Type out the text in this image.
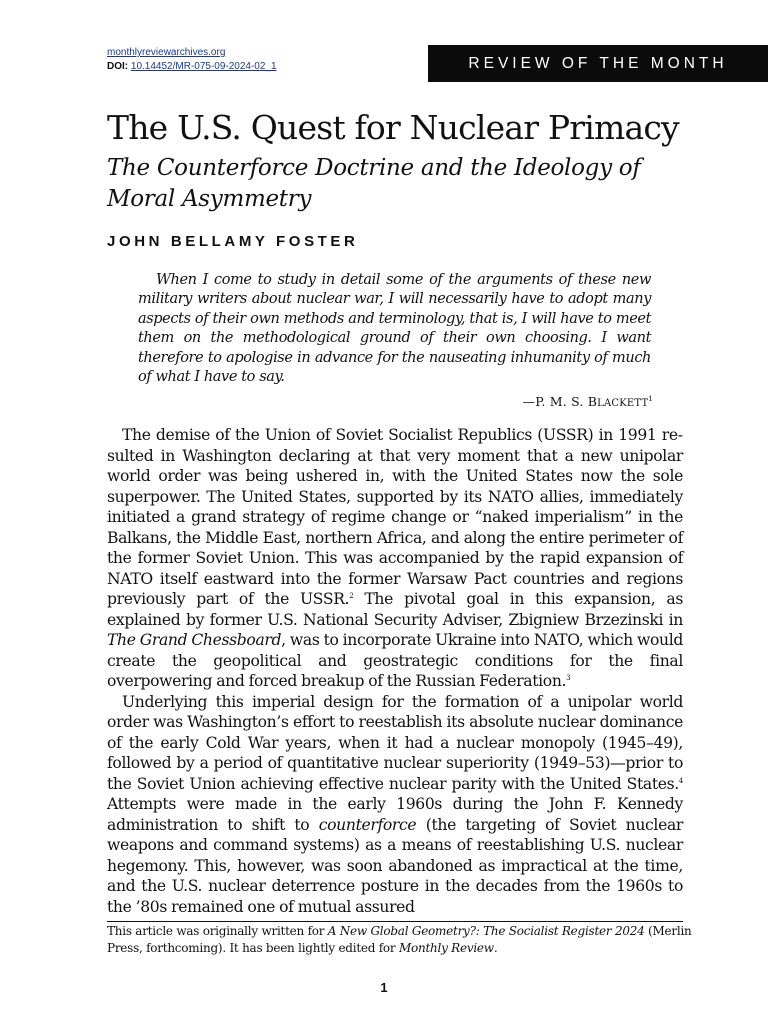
monthlyreviewarchives.org
DOI: 10.14452/MR-075-09-2024-02_1	REVIEW OF THE MONTH
The U.S. Quest for Nuclear Primacy
The Counterforce Doctrine and the Ideology of Moral Asymmetry
JOHN BELLAMY FOSTER

When I come to study in detail some of the arguments of these new military writers about nuclear war, I will necessarily have to adopt many aspects of their own methods and terminology, that is, I will have to meet them on the methodological ground of their own choosing. I want therefore to apologise in advance for the nauseating inhumanity of much of what I have to say.

—P. M. S. BLACKETT$^1$

The demise of the Union of Soviet Socialist Republics (USSR) in 1991 resulted in Washington declaring at that very moment that a new unipolar world order was being ushered in, with the United States now the sole superpower. The United States, supported by its NATO allies, immediately initiated a grand strategy of regime change or “naked imperialism” in the Balkans, the Middle East, northern Africa, and along the entire perimeter of the former Soviet Union. This was accompanied by the rapid expansion of NATO itself eastward into the former Warsaw Pact countries and regions previously part of the USSR.$^2$ The pivotal goal in this expansion, as explained by former U.S. National Security Adviser, Zbigniew Brzezinski in The Grand Chessboard, was to incorporate Ukraine into NATO, which would create the geopolitical and geostrategic conditions for the final overpowering and forced breakup of the Russian Federation.$^3$

Underlying this imperial design for the formation of a unipolar world order was Washington’s effort to reestablish its absolute nuclear dominance of the early Cold War years, when it had a nuclear monopoly (1945–49), followed by a period of quantitative nuclear superiority (1949–53)—prior to the Soviet Union achieving effective nuclear parity with the United States.$^4$ Attempts were made in the early 1960s during the John F. Kennedy administration to shift to counterforce (the targeting of Soviet nuclear weapons and command systems) as a means of reestablishing U.S. nuclear hegemony. This, however, was soon abandoned as impractical at the time, and the U.S. nuclear deterrence posture in the decades from the 1960s to the ’80s remained one of mutual assured

This article was originally written for A New Global Geometry?: The Socialist Register 2024 (Merlin Press, forthcoming). It has been lightly edited for Monthly Review.
1
